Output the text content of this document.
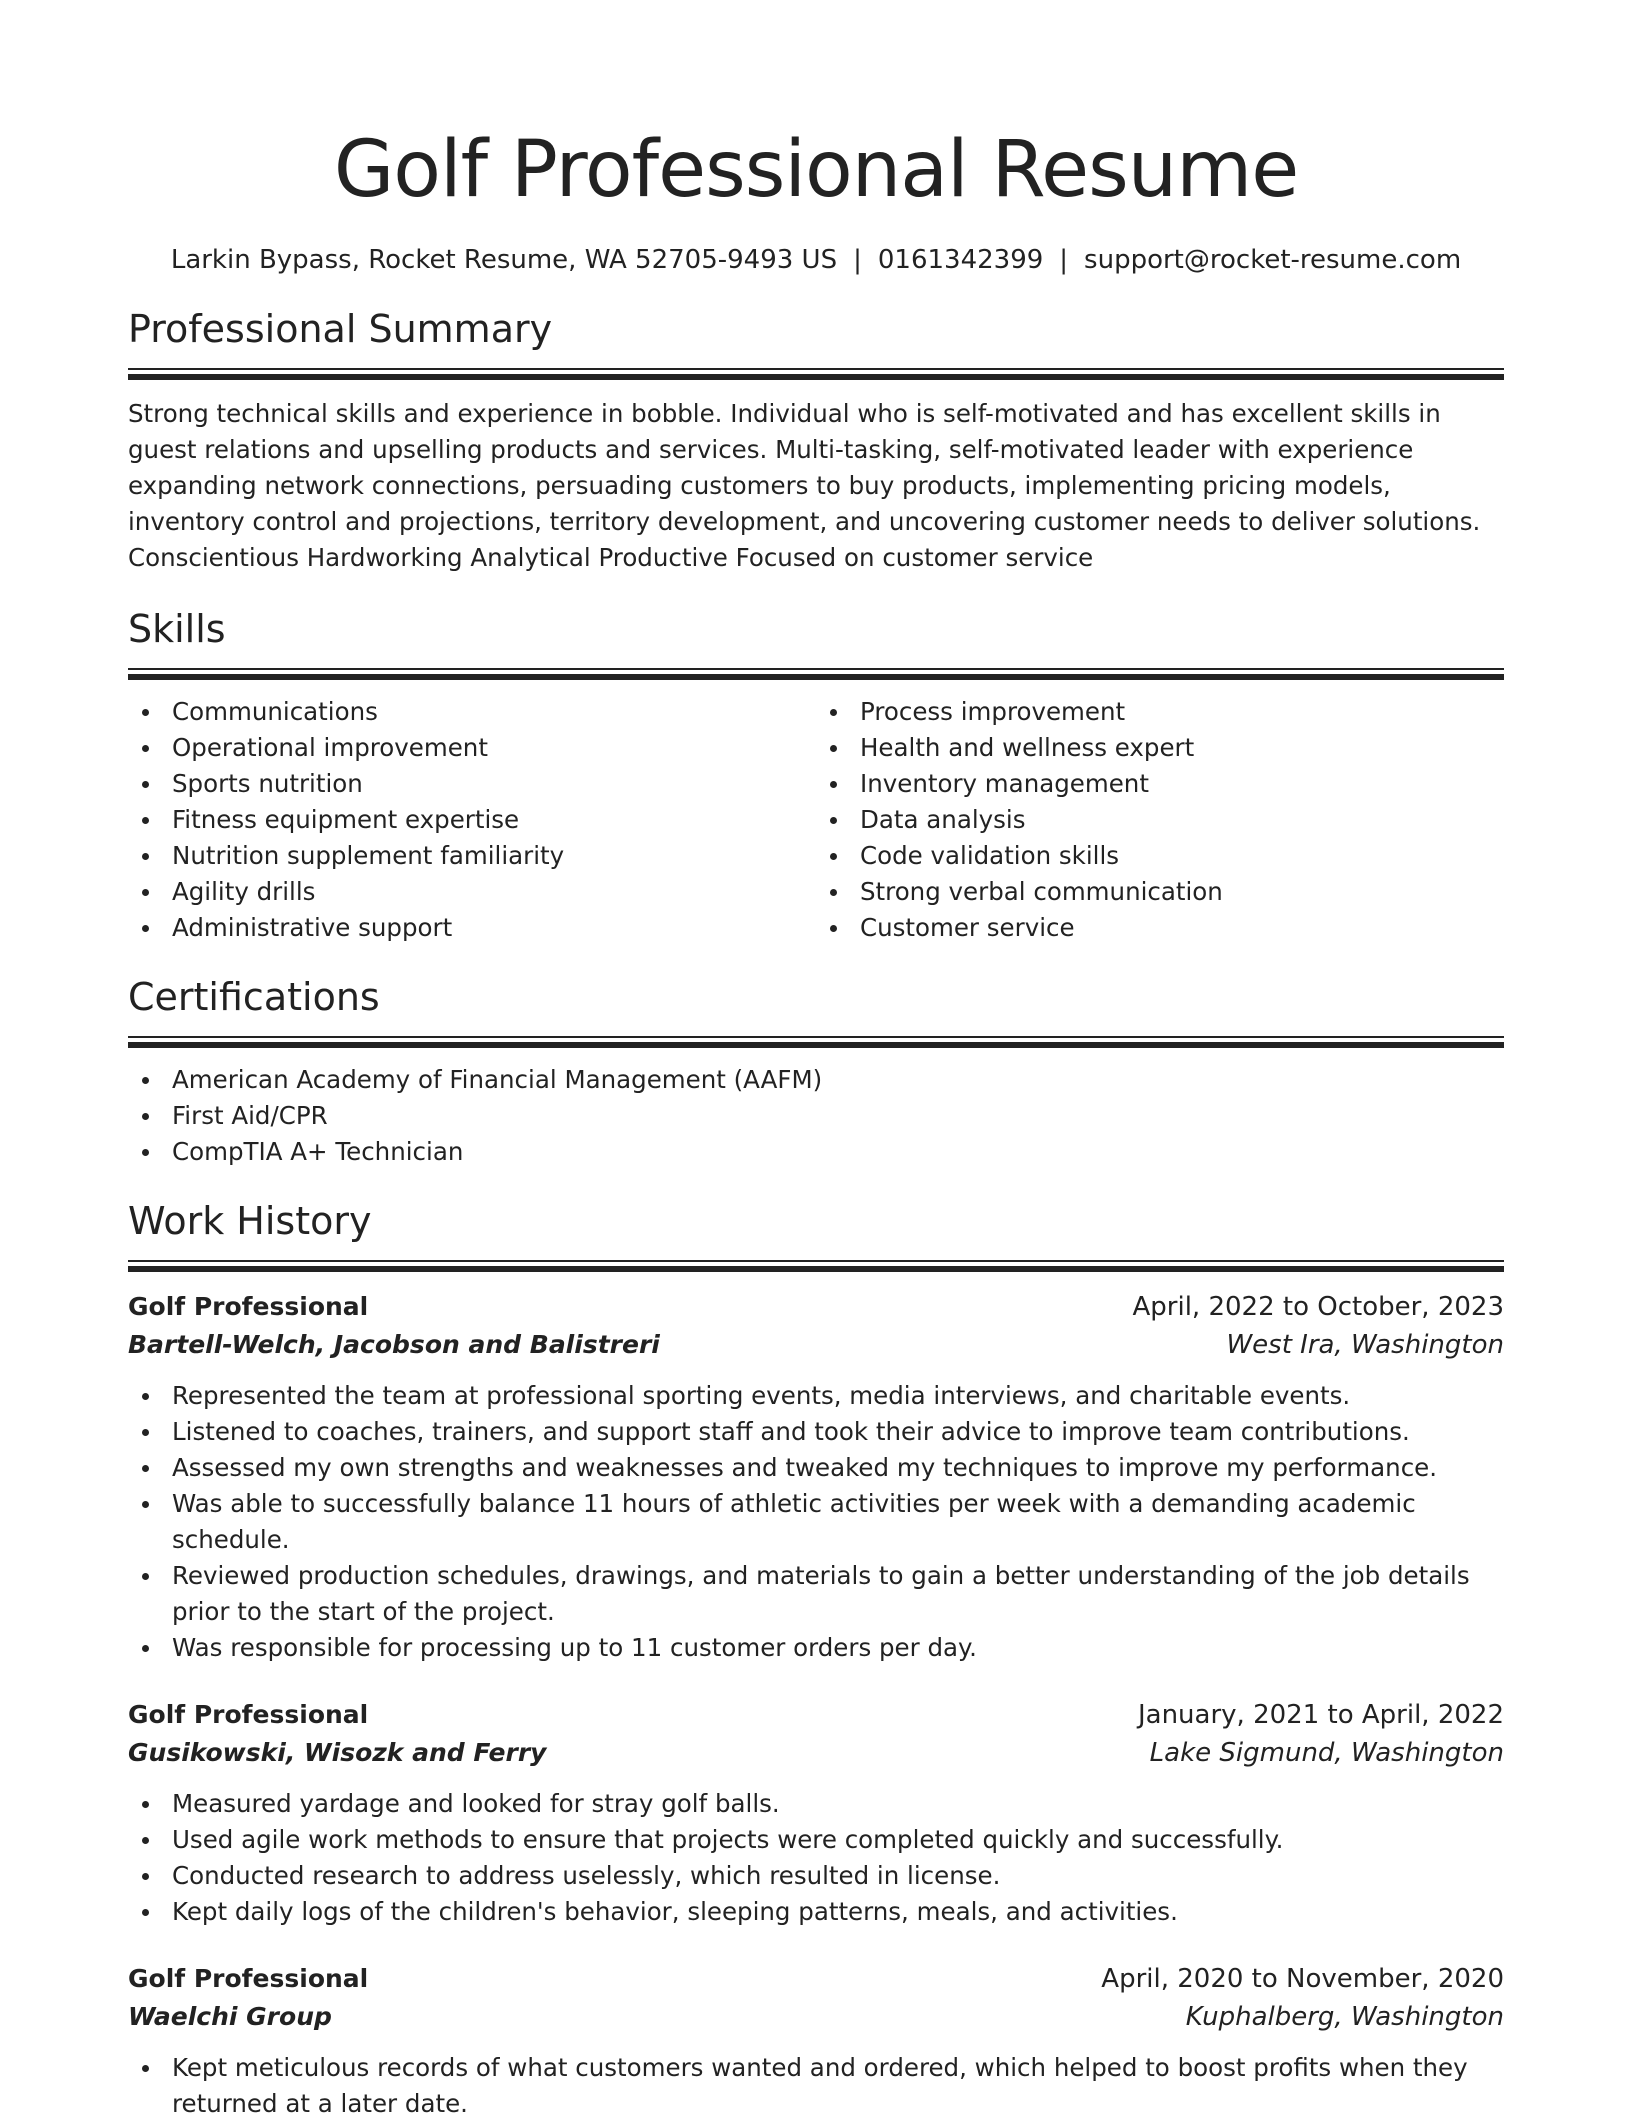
Golf Professional Resume
Larkin Bypass, Rocket Resume, WA 52705-9493 US | 0161342399 | support@rocket-resume.com
Professional Summary
Strong technical skills and experience in bobble. Individual who is self-motivated and has excellent skills in guest relations and upselling products and services. Multi-tasking, self-motivated leader with experience expanding network connections, persuading customers to buy products, implementing pricing models, inventory control and projections, territory development, and uncovering customer needs to deliver solutions. Conscientious Hardworking Analytical Productive Focused on customer service
Skills
Communications
Operational improvement
Sports nutrition
Fitness equipment expertise
Nutrition supplement familiarity
Agility drills
Administrative support
Process improvement
Health and wellness expert
Inventory management
Data analysis
Code validation skills
Strong verbal communication
Customer service
Certifications
American Academy of Financial Management (AAFM)
First Aid/CPR
CompTIA A+ Technician
Work History
Golf Professional	April, 2022 to October, 2023
Bartell-Welch, Jacobson and Balistreri	West Ira, Washington
Represented the team at professional sporting events, media interviews, and charitable events.
Listened to coaches, trainers, and support staff and took their advice to improve team contributions.
Assessed my own strengths and weaknesses and tweaked my techniques to improve my performance.
Was able to successfully balance 11 hours of athletic activities per week with a demanding academic schedule.
Reviewed production schedules, drawings, and materials to gain a better understanding of the job details prior to the start of the project.
Was responsible for processing up to 11 customer orders per day.
Golf Professional	January, 2021 to April, 2022
Gusikowski, Wisozk and Ferry	Lake Sigmund, Washington
Measured yardage and looked for stray golf balls.
Used agile work methods to ensure that projects were completed quickly and successfully.
Conducted research to address uselessly, which resulted in license.
Kept daily logs of the children's behavior, sleeping patterns, meals, and activities.
Golf Professional	April, 2020 to November, 2020
Waelchi Group	Kuphalberg, Washington
Kept meticulous records of what customers wanted and ordered, which helped to boost profits when they returned at a later date.
